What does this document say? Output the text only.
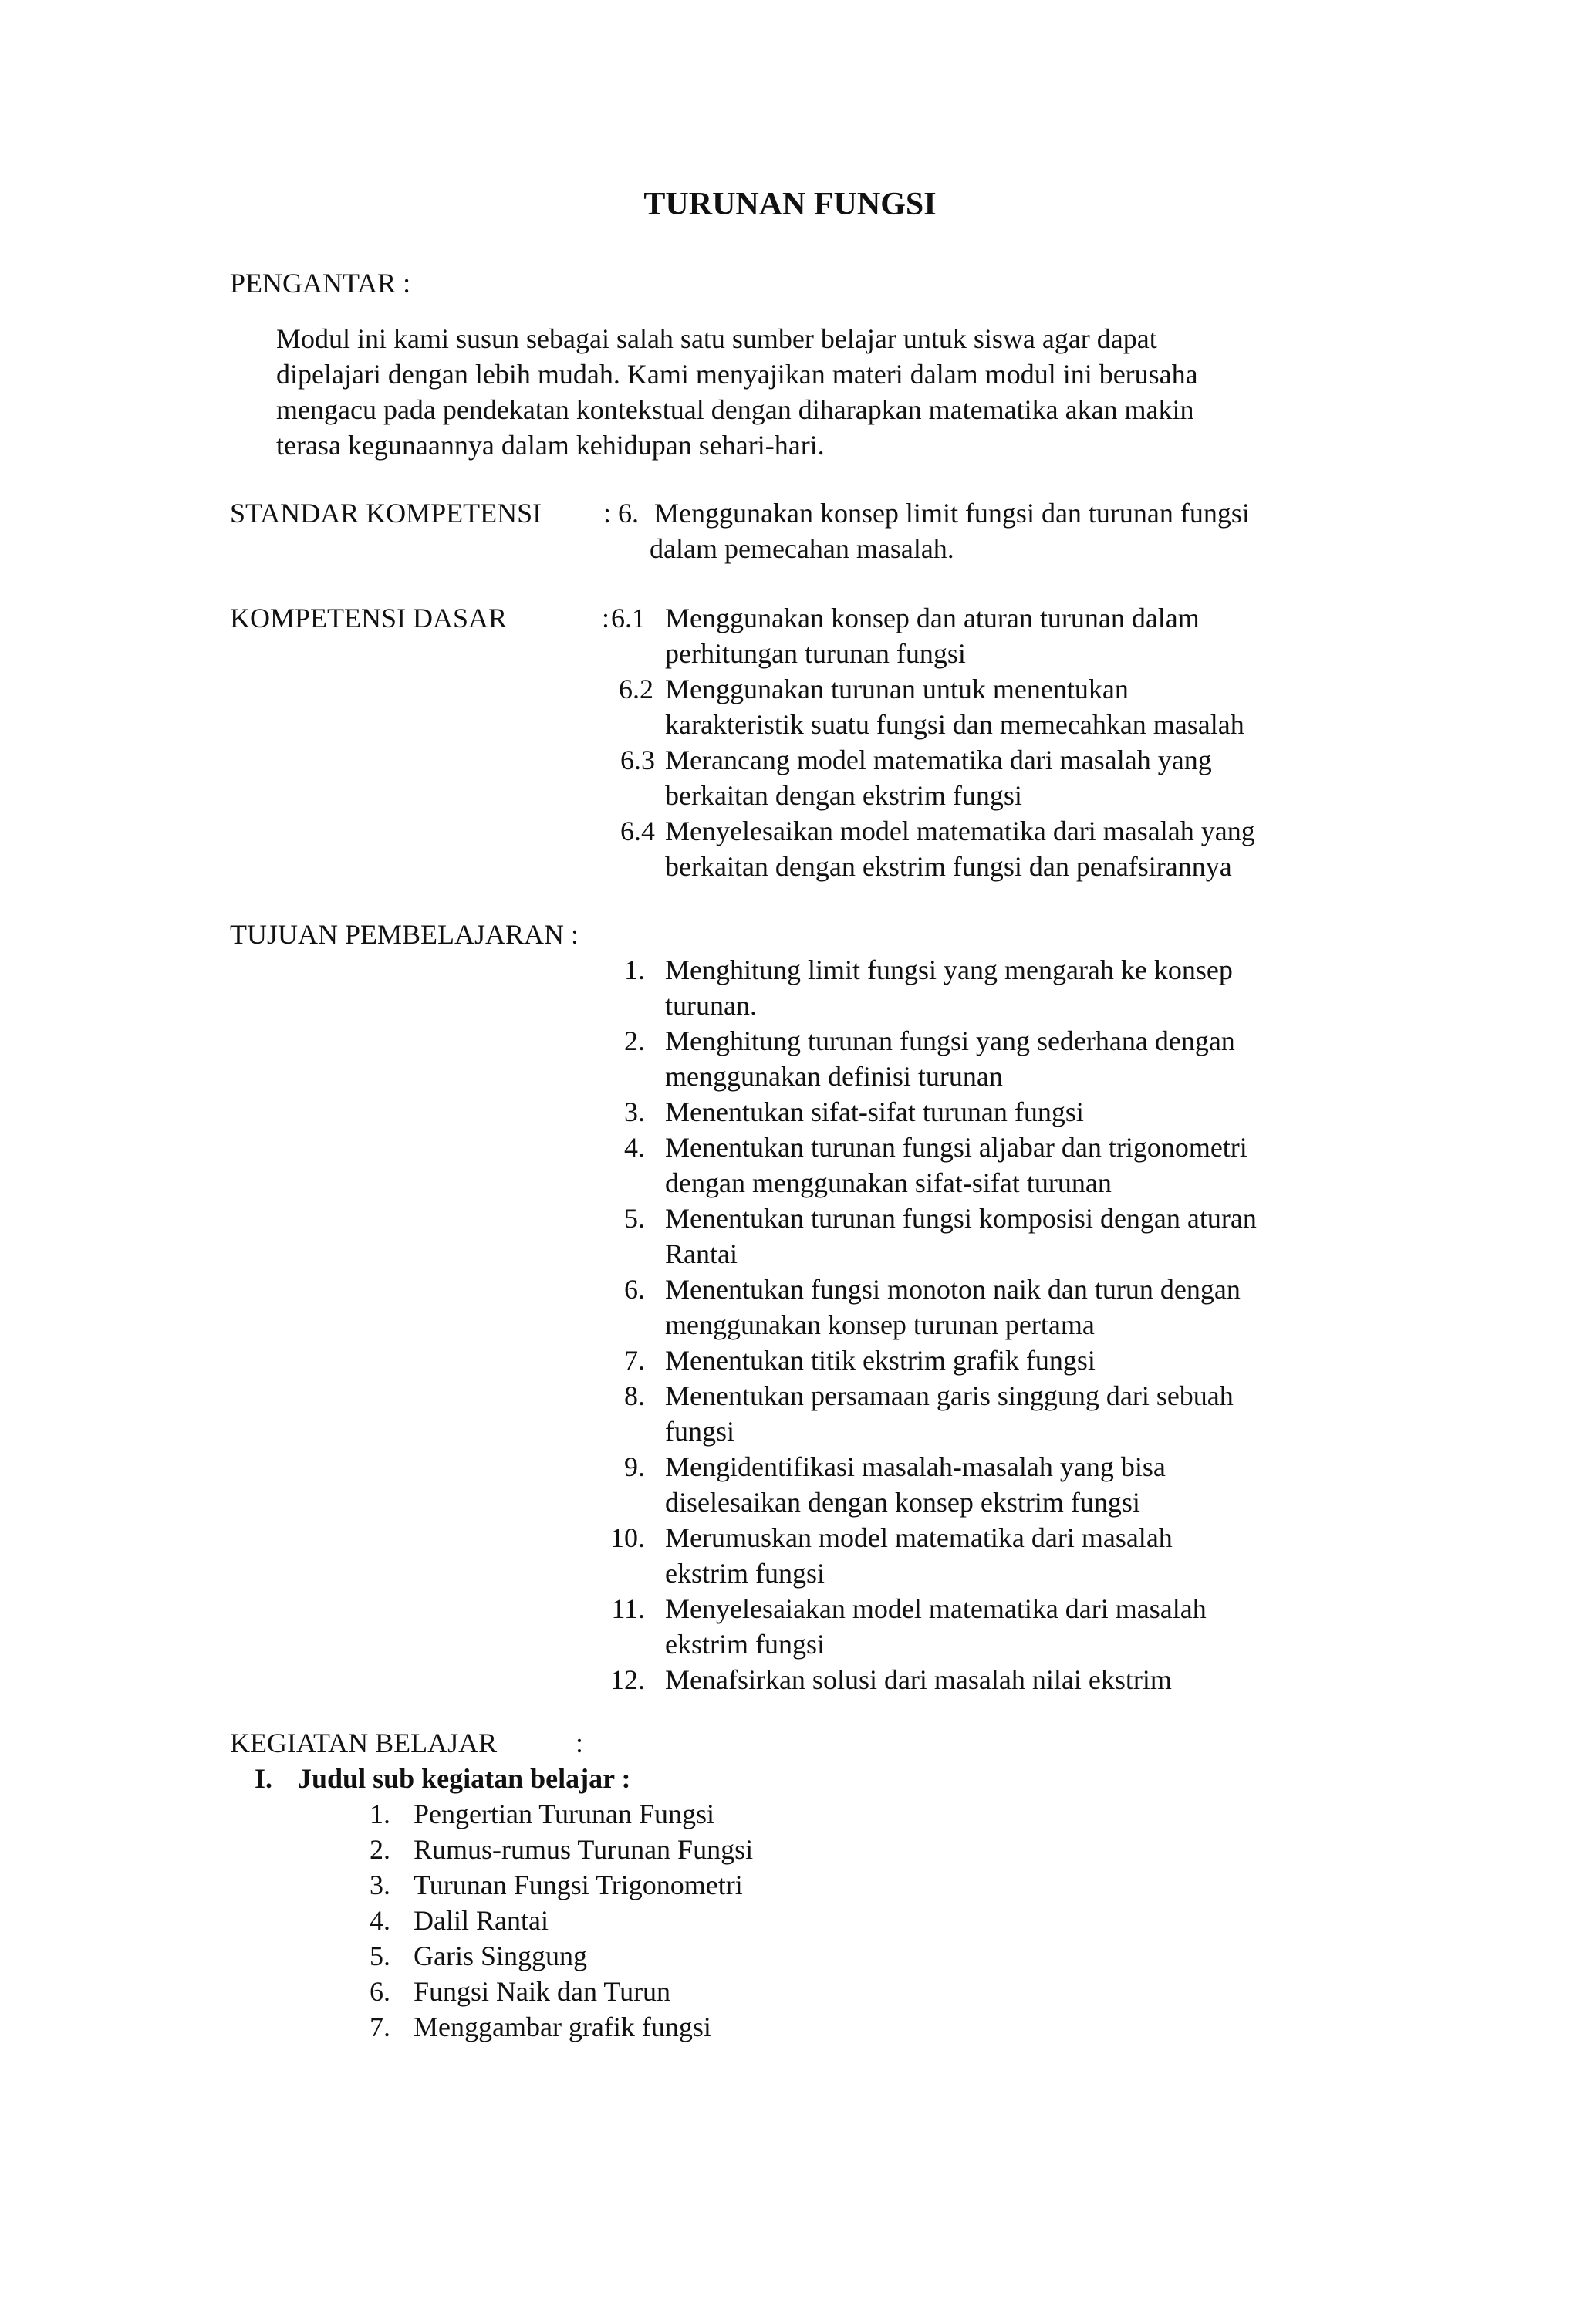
TURUNAN FUNGSI
PENGANTAR :
Modul ini kami susun sebagai salah satu sumber belajar untuk siswa agar dapat
dipelajari dengan lebih mudah. Kami menyajikan materi dalam modul ini berusaha
mengacu pada pendekatan kontekstual dengan diharapkan matematika akan makin
terasa kegunaannya dalam kehidupan sehari-hari.
STANDAR KOMPETENSI : 6. Menggunakan konsep limit fungsi dan turunan fungsi
dalam pemecahan masalah.
KOMPETENSI DASAR	: 6.1 Menggunakan konsep dan aturan turunan dalam
perhitungan turunan fungsi
6.2 Menggunakan turunan untuk menentukan
karakteristik suatu fungsi dan memecahkan masalah
6.3 Merancang model matematika dari masalah yang
berkaitan dengan ekstrim fungsi
6.4 Menyelesaikan model matematika dari masalah yang
berkaitan dengan ekstrim fungsi dan penafsirannya
TUJUAN PEMBELAJARAN :
1. Menghitung limit fungsi yang mengarah ke konsep
turunan.
2. Menghitung turunan fungsi yang sederhana dengan
menggunakan definisi turunan
3. Menentukan sifat-sifat turunan fungsi
4. Menentukan turunan fungsi aljabar dan trigonometri
dengan menggunakan sifat-sifat turunan
5. Menentukan turunan fungsi komposisi dengan aturan
Rantai
6. Menentukan fungsi monoton naik dan turun dengan
menggunakan konsep turunan pertama
7. Menentukan titik ekstrim grafik fungsi
8. Menentukan persamaan garis singgung dari sebuah
fungsi
9. Mengidentifikasi masalah-masalah yang bisa
diselesaikan dengan konsep ekstrim fungsi
10. Merumuskan model matematika dari masalah
ekstrim fungsi
11. Menyelesaiakan model matematika dari masalah
ekstrim fungsi
12. Menafsirkan solusi dari masalah nilai ekstrim
KEGIATAN BELAJAR	:
I. Judul sub kegiatan belajar :
1. Pengertian Turunan Fungsi
2. Rumus-rumus Turunan Fungsi
3. Turunan Fungsi Trigonometri
4. Dalil Rantai
5. Garis Singgung
6. Fungsi Naik dan Turun
7. Menggambar grafik fungsi
